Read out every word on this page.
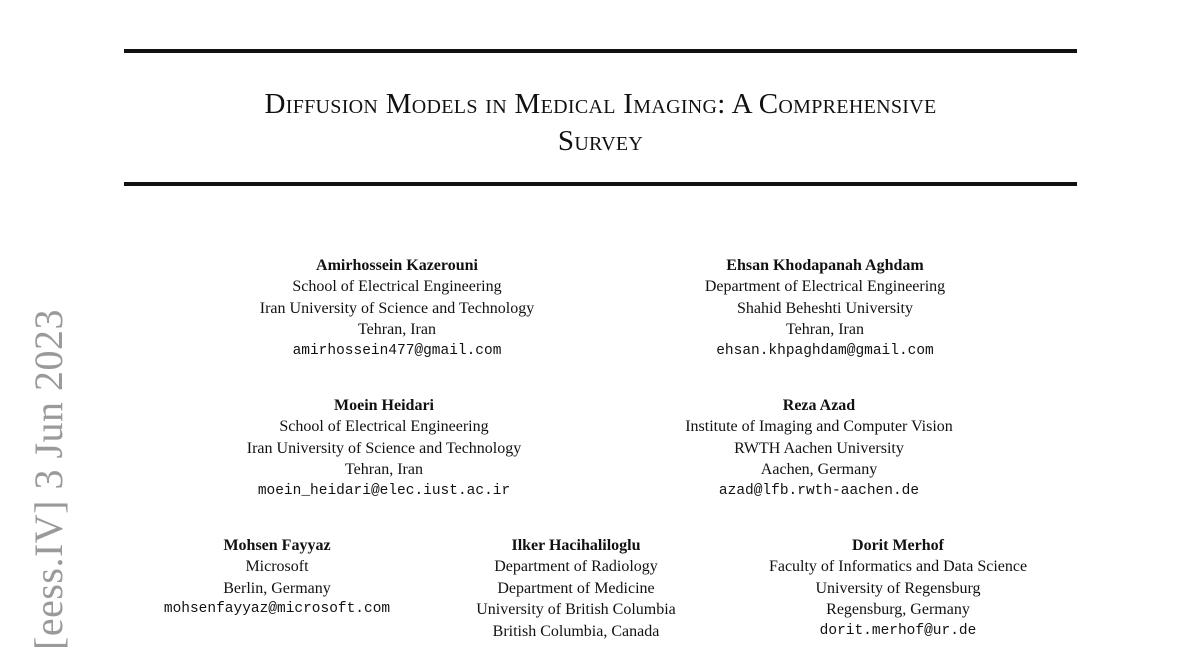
Diffusion Models in Medical Imaging: A Comprehensive
Survey
[eess.IV] 3 Jun 2023
Amirhossein Kazerouni
School of Electrical Engineering
Iran University of Science and Technology
Tehran, Iran
amirhossein477@gmail.com
Ehsan Khodapanah Aghdam
Department of Electrical Engineering
Shahid Beheshti University
Tehran, Iran
ehsan.khpaghdam@gmail.com
Moein Heidari
School of Electrical Engineering
Iran University of Science and Technology
Tehran, Iran
moein_heidari@elec.iust.ac.ir
Reza Azad
Institute of Imaging and Computer Vision
RWTH Aachen University
Aachen, Germany
azad@lfb.rwth-aachen.de
Mohsen Fayyaz
Microsoft
Berlin, Germany
mohsenfayyaz@microsoft.com
Ilker Hacihaliloglu
Department of Radiology
Department of Medicine
University of British Columbia
British Columbia, Canada
Dorit Merhof
Faculty of Informatics and Data Science
University of Regensburg
Regensburg, Germany
dorit.merhof@ur.de
